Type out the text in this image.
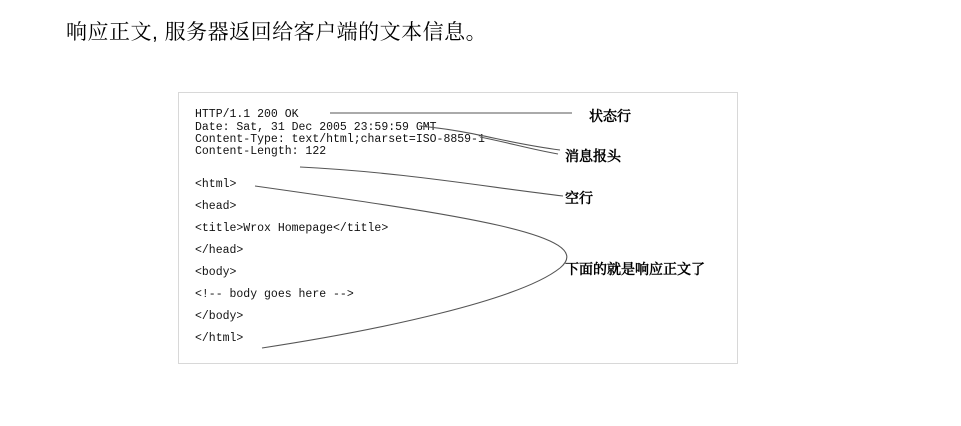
响应正文, 服务器返回给客户端的文本信息。
HTTP/1.1 200 OK
Date: Sat, 31 Dec 2005 23:59:59 GMT
Content-Type: text/html;charset=ISO-8859-1
Content-Length: 122
<html>
<head>
<title>Wrox Homepage</title>
</head>
<body>
<!-- body goes here -->
</body>
</html>
状态行
消息报头
空行
下面的就是响应正文了
